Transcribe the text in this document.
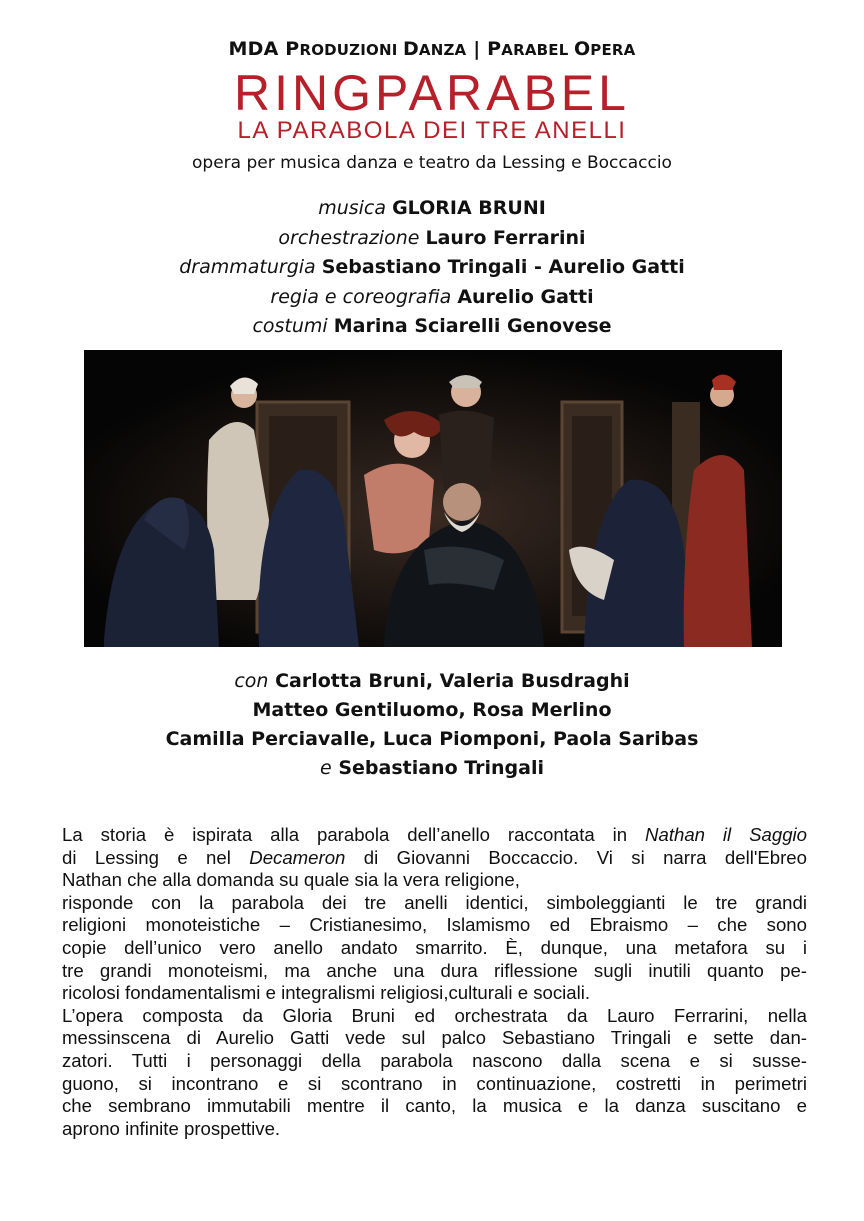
MDA PRODUZIONI DANZA | PARABEL OPERA
RINGPARABEL
LA PARABOLA DEI TRE ANELLI
opera per musica danza e teatro da Lessing e Boccaccio
musica GLORIA BRUNI
orchestrazione Lauro Ferrarini
drammaturgia Sebastiano Tringali - Aurelio Gatti
regia e coreografia Aurelio Gatti
costumi Marina Sciarelli Genovese
con Carlotta Bruni, Valeria Busdraghi
Matteo Gentiluomo, Rosa Merlino
Camilla Perciavalle, Luca Piomponi, Paola Saribas
e Sebastiano Tringali

La storia è ispirata alla parabola dell’anello raccontata in Nathan il Saggio
di Lessing e nel Decameron di Giovanni Boccaccio. Vi si narra dell'Ebreo
Nathan che alla domanda su quale sia la vera religione,
risponde con la parabola dei tre anelli identici, simboleggianti le tre grandi
religioni monoteistiche – Cristianesimo, Islamismo ed Ebraismo – che sono
copie dell’unico vero anello andato smarrito. È, dunque, una metafora su i
tre grandi monoteismi, ma anche una dura riflessione sugli inutili quanto pe-
ricolosi fondamentalismi e integralismi religiosi,culturali e sociali.

L’opera composta da Gloria Bruni ed orchestrata da Lauro Ferrarini, nella
messinscena di Aurelio Gatti vede sul palco Sebastiano Tringali e sette dan-
zatori. Tutti i personaggi della parabola nascono dalla scena e si susse-
guono, si incontrano e si scontrano in continuazione, costretti in perimetri
che sembrano immutabili mentre il canto, la musica e la danza suscitano e
aprono infinite prospettive.
